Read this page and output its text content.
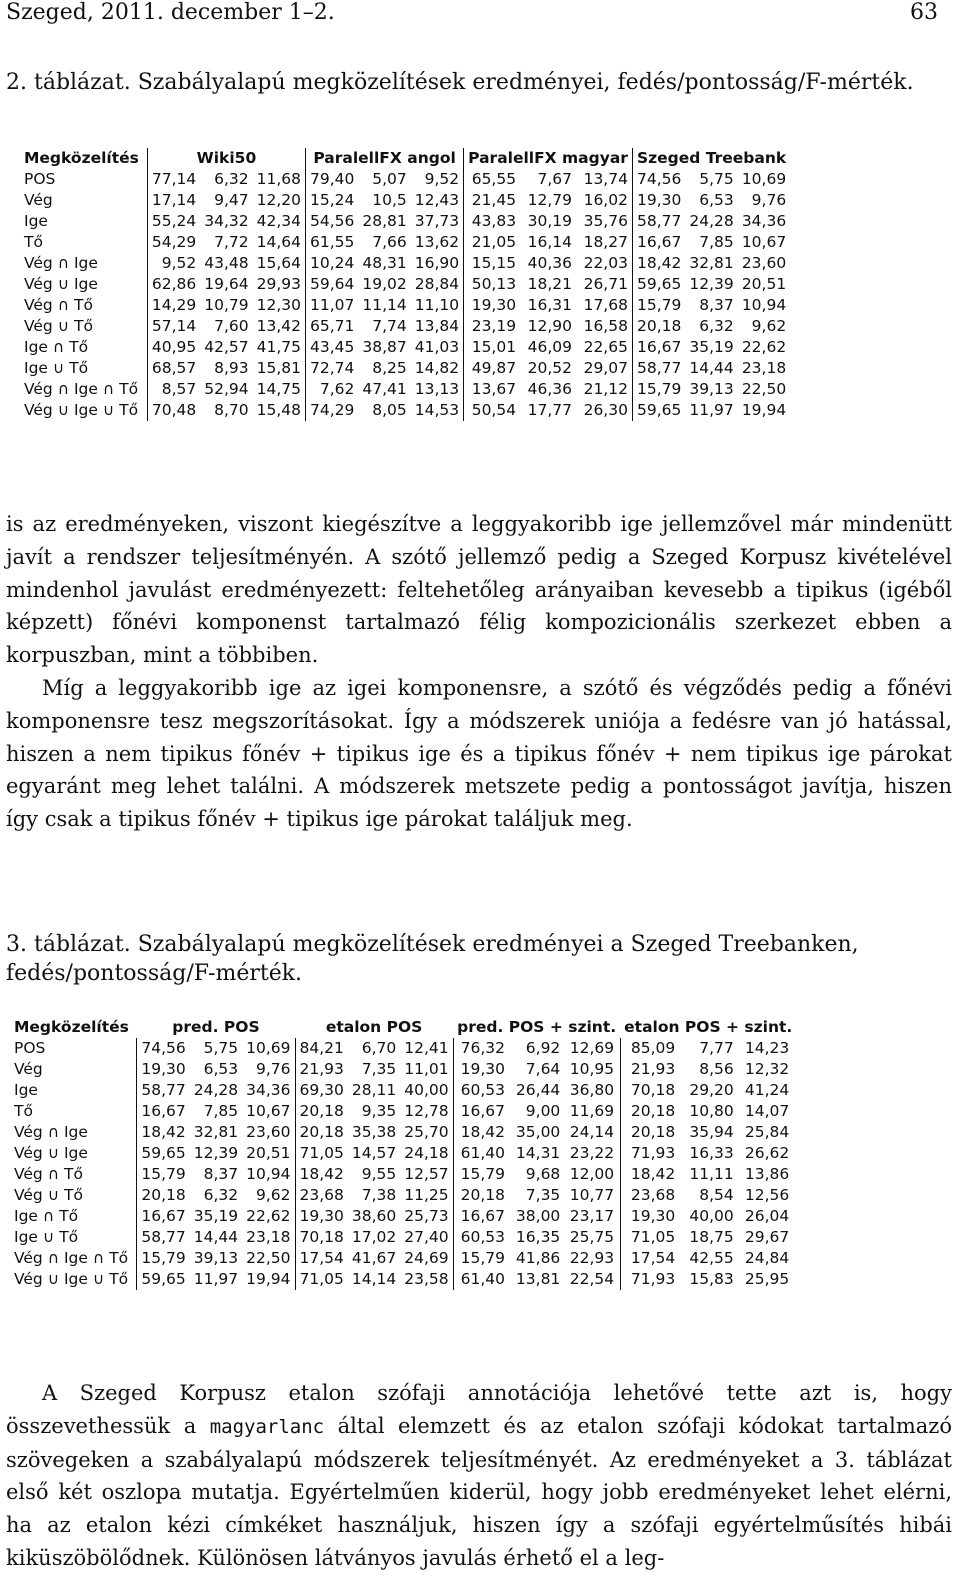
Szeged, 2011. december 1–2.	63
2. táblázat. Szabályalapú megközelítések eredményei, fedés/pontosság/F-mérték.
Megközelítés	Wiki50			ParalellFX angol			ParalellFX magyar			Szeged Treebank		
POS	77,14	6,32	11,68	79,40	5,07	9,52	65,55	7,67	13,74	74,56	5,75	10,69
Vég	17,14	9,47	12,20	15,24	10,5	12,43	21,45	12,79	16,02	19,30	6,53	9,76
Ige	55,24	34,32	42,34	54,56	28,81	37,73	43,83	30,19	35,76	58,77	24,28	34,36
Tő	54,29	7,72	14,64	61,55	7,66	13,62	21,05	16,14	18,27	16,67	7,85	10,67
Vég ∩ Ige	9,52	43,48	15,64	10,24	48,31	16,90	15,15	40,36	22,03	18,42	32,81	23,60
Vég ∪ Ige	62,86	19,64	29,93	59,64	19,02	28,84	50,13	18,21	26,71	59,65	12,39	20,51
Vég ∩ Tő	14,29	10,79	12,30	11,07	11,14	11,10	19,30	16,31	17,68	15,79	8,37	10,94
Vég ∪ Tő	57,14	7,60	13,42	65,71	7,74	13,84	23,19	12,90	16,58	20,18	6,32	9,62
Ige ∩ Tő	40,95	42,57	41,75	43,45	38,87	41,03	15,01	46,09	22,65	16,67	35,19	22,62
Ige ∪ Tő	68,57	8,93	15,81	72,74	8,25	14,82	49,87	20,52	29,07	58,77	14,44	23,18
Vég ∩ Ige ∩ Tő	8,57	52,94	14,75	7,62	47,41	13,13	13,67	46,36	21,12	15,79	39,13	22,50
Vég ∪ Ige ∪ Tő	70,48	8,70	15,48	74,29	8,05	14,53	50,54	17,77	26,30	59,65	11,97	19,94
is az eredményeken, viszont kiegészítve a leggyakoribb ige jellemzővel már mindenütt javít a rendszer teljesítményén. A szótő jellemző pedig a Szeged Korpusz kivételével mindenhol javulást eredményezett: feltehetőleg arányaiban kevesebb a tipikus (igéből képzett) főnévi komponenst tartalmazó félig kompozicionális szerkezet ebben a korpuszban, mint a többiben.
Míg a leggyakoribb ige az igei komponensre, a szótő és végződés pedig a főnévi komponensre tesz megszorításokat. Így a módszerek uniója a fedésre van jó hatással, hiszen a nem tipikus főnév + tipikus ige és a tipikus főnév + nem tipikus ige párokat egyaránt meg lehet találni. A módszerek metszete pedig a pontosságot javítja, hiszen így csak a tipikus főnév + tipikus ige párokat találjuk meg.
3. táblázat. Szabályalapú megközelítések eredményei a Szeged Treebanken, fedés/pontosság/F-mérték.
Megközelítés	pred. POS			etalon POS			pred. POS + szint.			etalon POS + szint.		
POS	74,56	5,75	10,69	84,21	6,70	12,41	76,32	6,92	12,69	85,09	7,77	14,23
Vég	19,30	6,53	9,76	21,93	7,35	11,01	19,30	7,64	10,95	21,93	8,56	12,32
Ige	58,77	24,28	34,36	69,30	28,11	40,00	60,53	26,44	36,80	70,18	29,20	41,24
Tő	16,67	7,85	10,67	20,18	9,35	12,78	16,67	9,00	11,69	20,18	10,80	14,07
Vég ∩ Ige	18,42	32,81	23,60	20,18	35,38	25,70	18,42	35,00	24,14	20,18	35,94	25,84
Vég ∪ Ige	59,65	12,39	20,51	71,05	14,57	24,18	61,40	14,31	23,22	71,93	16,33	26,62
Vég ∩ Tő	15,79	8,37	10,94	18,42	9,55	12,57	15,79	9,68	12,00	18,42	11,11	13,86
Vég ∪ Tő	20,18	6,32	9,62	23,68	7,38	11,25	20,18	7,35	10,77	23,68	8,54	12,56
Ige ∩ Tő	16,67	35,19	22,62	19,30	38,60	25,73	16,67	38,00	23,17	19,30	40,00	26,04
Ige ∪ Tő	58,77	14,44	23,18	70,18	17,02	27,40	60,53	16,35	25,75	71,05	18,75	29,67
Vég ∩ Ige ∩ Tő	15,79	39,13	22,50	17,54	41,67	24,69	15,79	41,86	22,93	17,54	42,55	24,84
Vég ∪ Ige ∪ Tő	59,65	11,97	19,94	71,05	14,14	23,58	61,40	13,81	22,54	71,93	15,83	25,95
A Szeged Korpusz etalon szófaji annotációja lehetővé tette azt is, hogy összevethessük a magyarlanc által elemzett és az etalon szófaji kódokat tartalmazó szövegeken a szabályalapú módszerek teljesítményét. Az eredményeket a 3. táblázat első két oszlopa mutatja. Egyértelműen kiderül, hogy jobb eredményeket lehet elérni, ha az etalon kézi címkéket használjuk, hiszen így a szófaji egyértelműsítés hibái kiküszöbölődnek. Különösen látványos javulás érhető el a leg-
